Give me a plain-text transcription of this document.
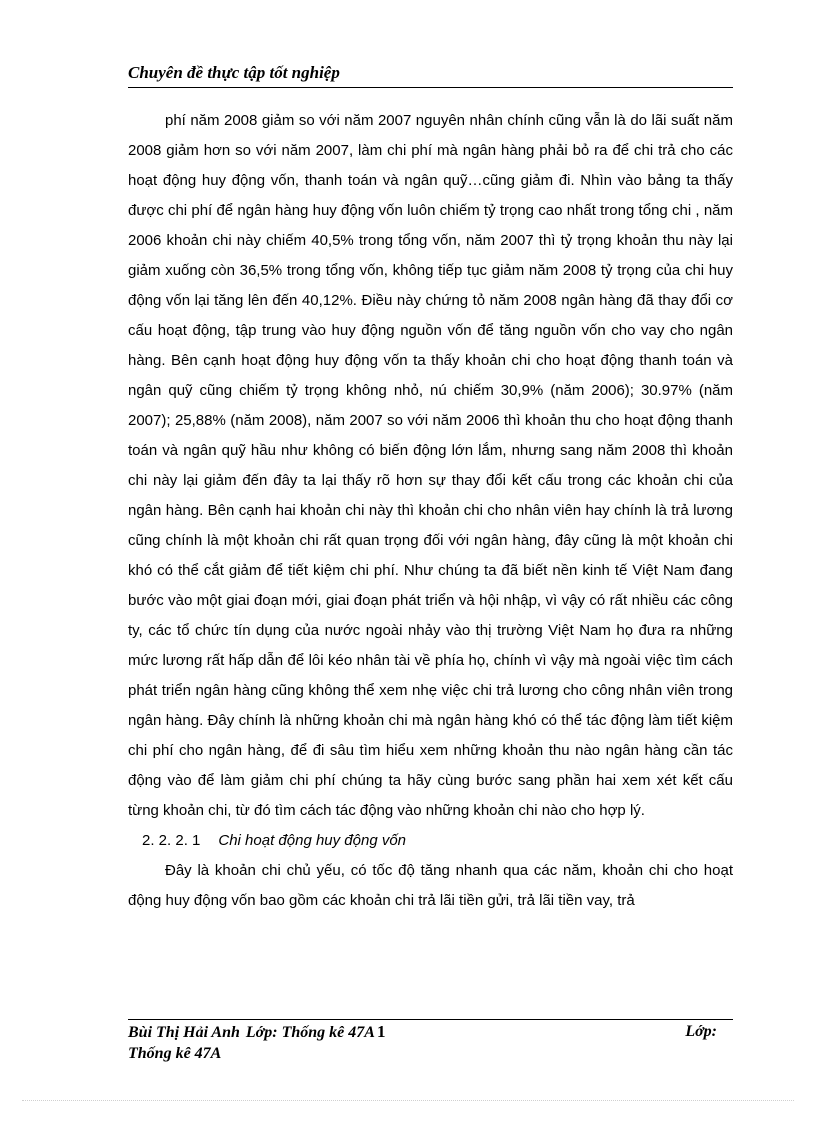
Chuyên đề thực tập tốt nghiệp

phí năm 2008 giảm so với năm 2007 nguyên nhân chính cũng vẫn là do lãi suất năm 2008 giảm hơn so với năm 2007, làm chi phí mà ngân hàng phải bỏ ra để chi trả cho các hoạt động huy động vốn, thanh toán và ngân quỹ…cũng giảm đi. Nhìn vào bảng ta thấy được chi phí để ngân hàng huy động vốn luôn chiếm tỷ trọng cao nhất trong tổng chi , năm 2006 khoản chi này chiếm 40,5% trong tổng vốn, năm 2007 thì tỷ trọng khoản thu này lại giảm xuống còn 36,5% trong tổng vốn, không tiếp tục giảm năm 2008 tỷ trọng của chi huy động vốn lại tăng lên đến 40,12%. Điều này chứng tỏ năm 2008 ngân hàng đã thay đổi cơ cấu hoạt động, tập trung vào huy động nguồn vốn để tăng nguồn vốn cho vay cho ngân hàng. Bên cạnh hoạt động huy động vốn ta thấy khoản chi cho hoạt động thanh toán và ngân quỹ cũng chiếm tỷ trọng không nhỏ, nú chiếm 30,9% (năm 2006); 30.97% (năm 2007); 25,88% (năm 2008), năm 2007 so với năm 2006 thì khoản thu cho hoạt động thanh toán và ngân quỹ hầu như không có biến động lớn lắm, nhưng sang năm 2008 thì khoản chi này lại giảm đến đây ta lại thấy rõ hơn sự thay đổi kết cấu trong các khoản chi của ngân hàng. Bên cạnh hai khoản chi này thì khoản chi cho nhân viên hay chính là trả lương cũng chính là một khoản chi rất quan trọng đối với ngân hàng, đây cũng là một khoản chi khó có thể cắt giảm để tiết kiệm chi phí. Như chúng ta đã biết nền kinh tế Việt Nam đang bước vào một giai đoạn mới, giai đoạn phát triển và hội nhập, vì vậy có rất nhiều các công ty, các tổ chức tín dụng của nước ngoài nhảy vào thị trường Việt Nam họ đưa ra những mức lương rất hấp dẫn để lôi kéo nhân tài về phía họ, chính vì vậy mà ngoài việc tìm cách phát triển ngân hàng cũng không thể xem nhẹ việc chi trả lương cho công nhân viên trong ngân hàng. Đây chính là những khoản chi mà ngân hàng khó có thể tác động làm tiết kiệm chi phí cho ngân hàng, để đi sâu tìm hiểu xem những khoản thu nào ngân hàng cần tác động vào để làm giảm chi phí chúng ta hãy cùng bước sang phần hai xem xét kết cấu từng khoản chi, từ đó tìm cách tác động vào những khoản chi nào cho hợp lý.

2. 2. 2. 1 Chi hoạt động huy động vốn

Đây là khoản chi chủ yếu, có tốc độ tăng nhanh qua các năm, khoản chi cho hoạt động huy động vốn bao gồm các khoản chi trả lãi tiền gửi, trả lãi tiền vay, trả

Bùi Thị Hải Anh Lớp: Thống kê 47A 1	Lớp:
Thống kê 47A
